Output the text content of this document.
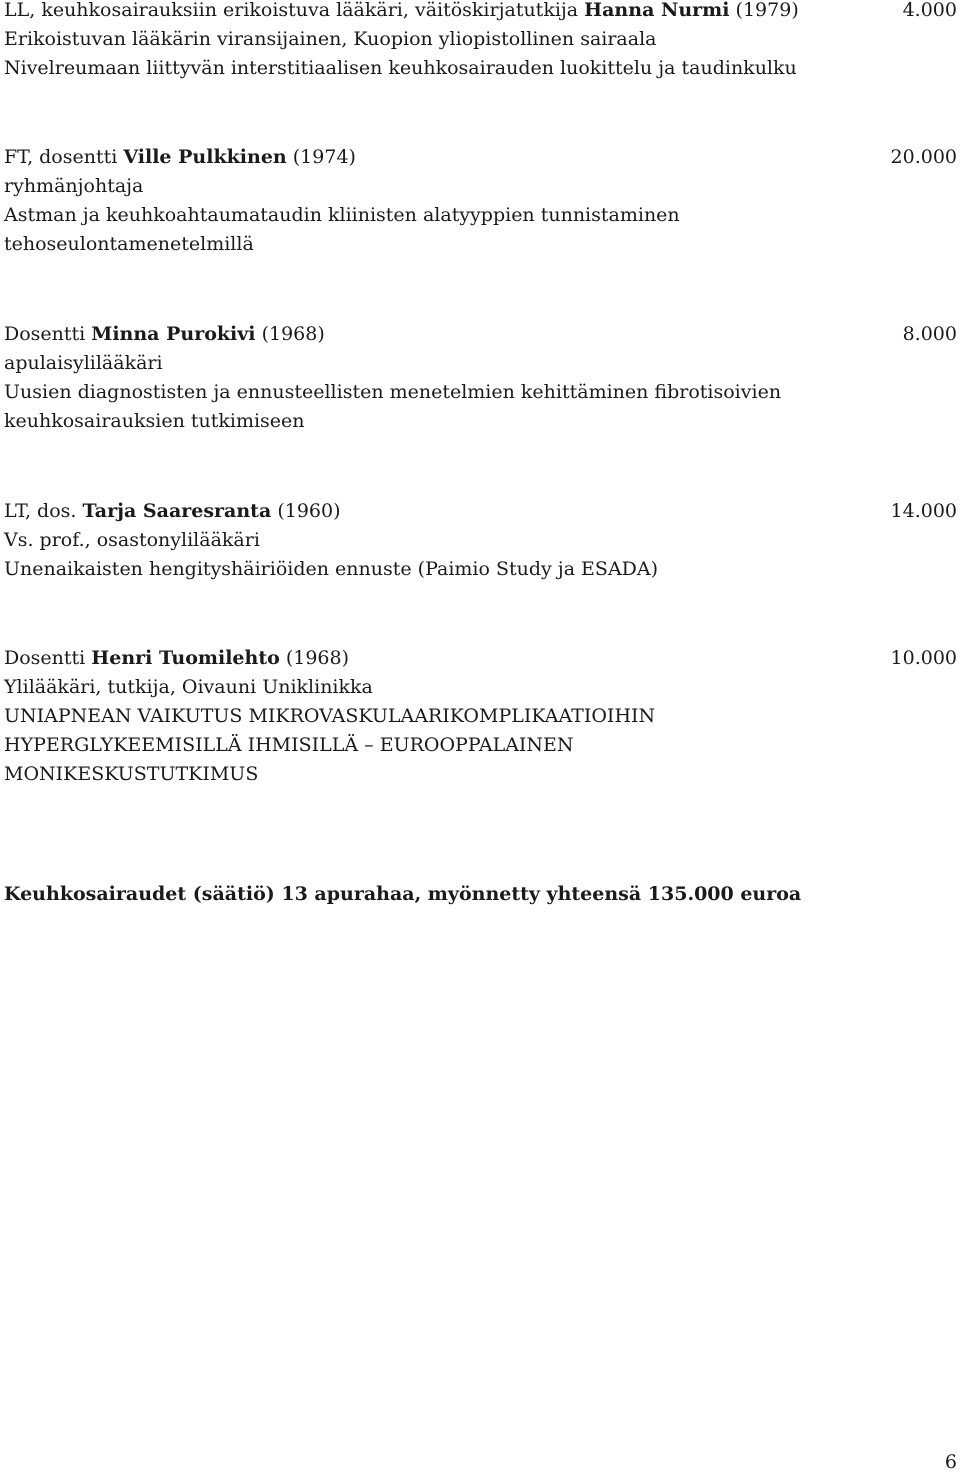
LL, keuhkosairauksiin erikoistuva lääkäri, väitöskirjatutkija Hanna Nurmi (1979)	4.000
Erikoistuvan lääkärin viransijainen, Kuopion yliopistollinen sairaala
Nivelreumaan liittyvän interstitiaalisen keuhkosairauden luokittelu ja taudinkulku
FT, dosentti Ville Pulkkinen (1974)	20.000
ryhmänjohtaja
Astman ja keuhkoahtaumataudin kliinisten alatyyppien tunnistaminen
tehoseulontamenetelmillä
Dosentti Minna Purokivi (1968)	8.000
apulaisylilääkäri
Uusien diagnostisten ja ennusteellisten menetelmien kehittäminen fibrotisoivien
keuhkosairauksien tutkimiseen
LT, dos. Tarja Saaresranta (1960)	14.000
Vs. prof., osastonylilääkäri
Unenaikaisten hengityshäiriöiden ennuste (Paimio Study ja ESADA)
Dosentti Henri Tuomilehto (1968)	10.000
Ylilääkäri, tutkija, Oivauni Uniklinikka
UNIAPNEAN VAIKUTUS MIKROVASKULAARIKOMPLIKAATIOIHIN
HYPERGLYKEEMISILLÄ IHMISILLÄ – EUROOPPALAINEN
MONIKESKUSTUTKIMUS
Keuhkosairaudet (säätiö) 13 apurahaa, myönnetty yhteensä 135.000 euroa
6
